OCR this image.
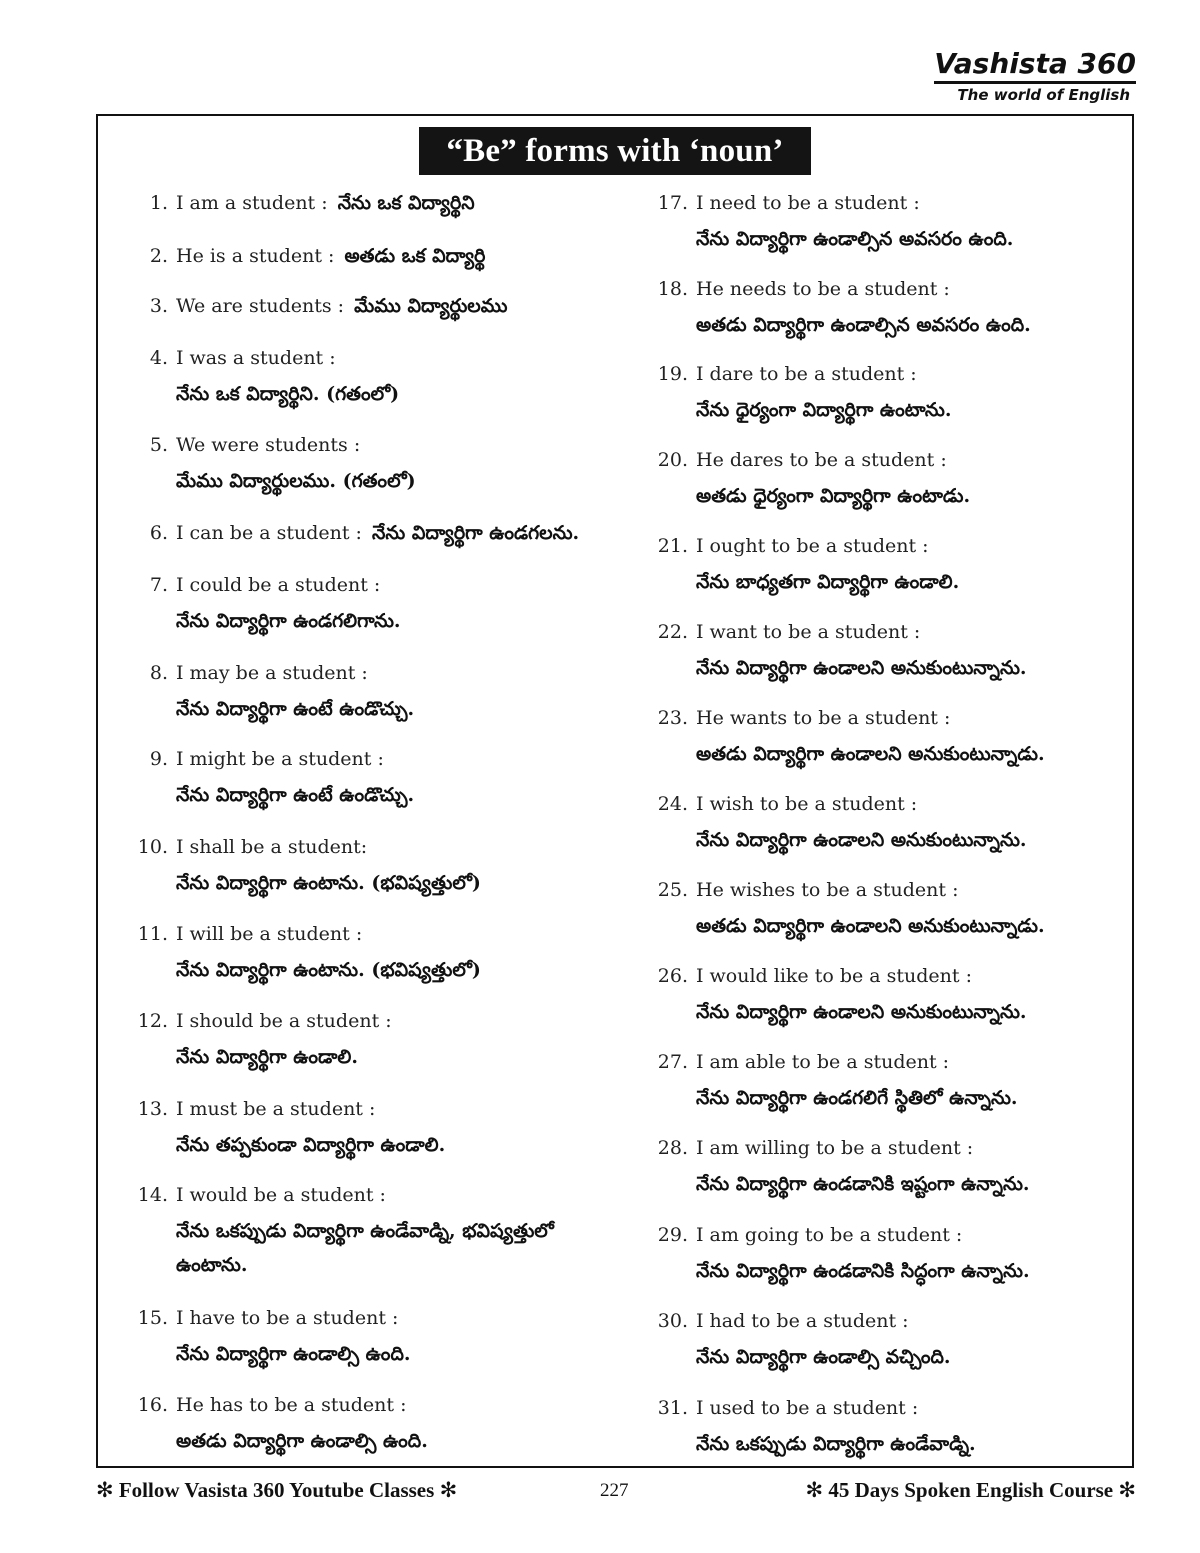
Vashista 360
The world of English
“Be” forms with ‘noun’
1. I am a student : నేను ఒక విద్యార్థిని
2. He is a student : అతడు ఒక విద్యార్థి
3. We are students : మేము విద్యార్థులము
4. I was a student :
నేను ఒక విద్యార్థిని. (గతంలో)
5. We were students :
మేము విద్యార్థులము. (గతంలో)
6. I can be a student : నేను విద్యార్థిగా ఉండగలను.
7. I could be a student :
నేను విద్యార్థిగా ఉండగలిగాను.
8. I may be a student :
నేను విద్యార్థిగా ఉంటే ఉండొచ్చు.
9. I might be a student :
నేను విద్యార్థిగా ఉంటే ఉండొచ్చు.
10. I shall be a student:
నేను విద్యార్థిగా ఉంటాను. (భవిష్యత్తులో)
11. I will be a student :
నేను విద్యార్థిగా ఉంటాను. (భవిష్యత్తులో)
12. I should be a student :
నేను విద్యార్థిగా ఉండాలి.
13. I must be a student :
నేను తప్పకుండా విద్యార్థిగా ఉండాలి.
14. I would be a student :
నేను ఒకప్పుడు విద్యార్థిగా ఉండేవాడ్ని, భవిష్యత్తులో ఉంటాను.
15. I have to be a student :
నేను విద్యార్థిగా ఉండాల్సి ఉంది.
16. He has to be a student :
అతడు విద్యార్థిగా ఉండాల్సి ఉంది.
17. I need to be a student :
నేను విద్యార్థిగా ఉండాల్సిన అవసరం ఉంది.
18. He needs to be a student :
అతడు విద్యార్థిగా ఉండాల్సిన అవసరం ఉంది.
19. I dare to be a student :
నేను ధైర్యంగా విద్యార్థిగా ఉంటాను.
20. He dares to be a student :
అతడు ధైర్యంగా విద్యార్థిగా ఉంటాడు.
21. I ought to be a student :
నేను బాధ్యతగా విద్యార్థిగా ఉండాలి.
22. I want to be a student :
నేను విద్యార్థిగా ఉండాలని అనుకుంటున్నాను.
23. He wants to be a student :
అతడు విద్యార్థిగా ఉండాలని అనుకుంటున్నాడు.
24. I wish to be a student :
నేను విద్యార్థిగా ఉండాలని అనుకుంటున్నాను.
25. He wishes to be a student :
అతడు విద్యార్థిగా ఉండాలని అనుకుంటున్నాడు.
26. I would like to be a student :
నేను విద్యార్థిగా ఉండాలని అనుకుంటున్నాను.
27. I am able to be a student :
నేను విద్యార్థిగా ఉండగలిగే స్థితిలో ఉన్నాను.
28. I am willing to be a student :
నేను విద్యార్థిగా ఉండడానికి ఇష్టంగా ఉన్నాను.
29. I am going to be a student :
నేను విద్యార్థిగా ఉండడానికి సిద్ధంగా ఉన్నాను.
30. I had to be a student :
నేను విద్యార్థిగా ఉండాల్సి వచ్చింది.
31. I used to be a student :
నేను ఒకప్పుడు విద్యార్థిగా ఉండేవాడ్ని.
✻ Follow Vasista 360 Youtube Classes ✻	227	✻ 45 Days Spoken English Course ✻
